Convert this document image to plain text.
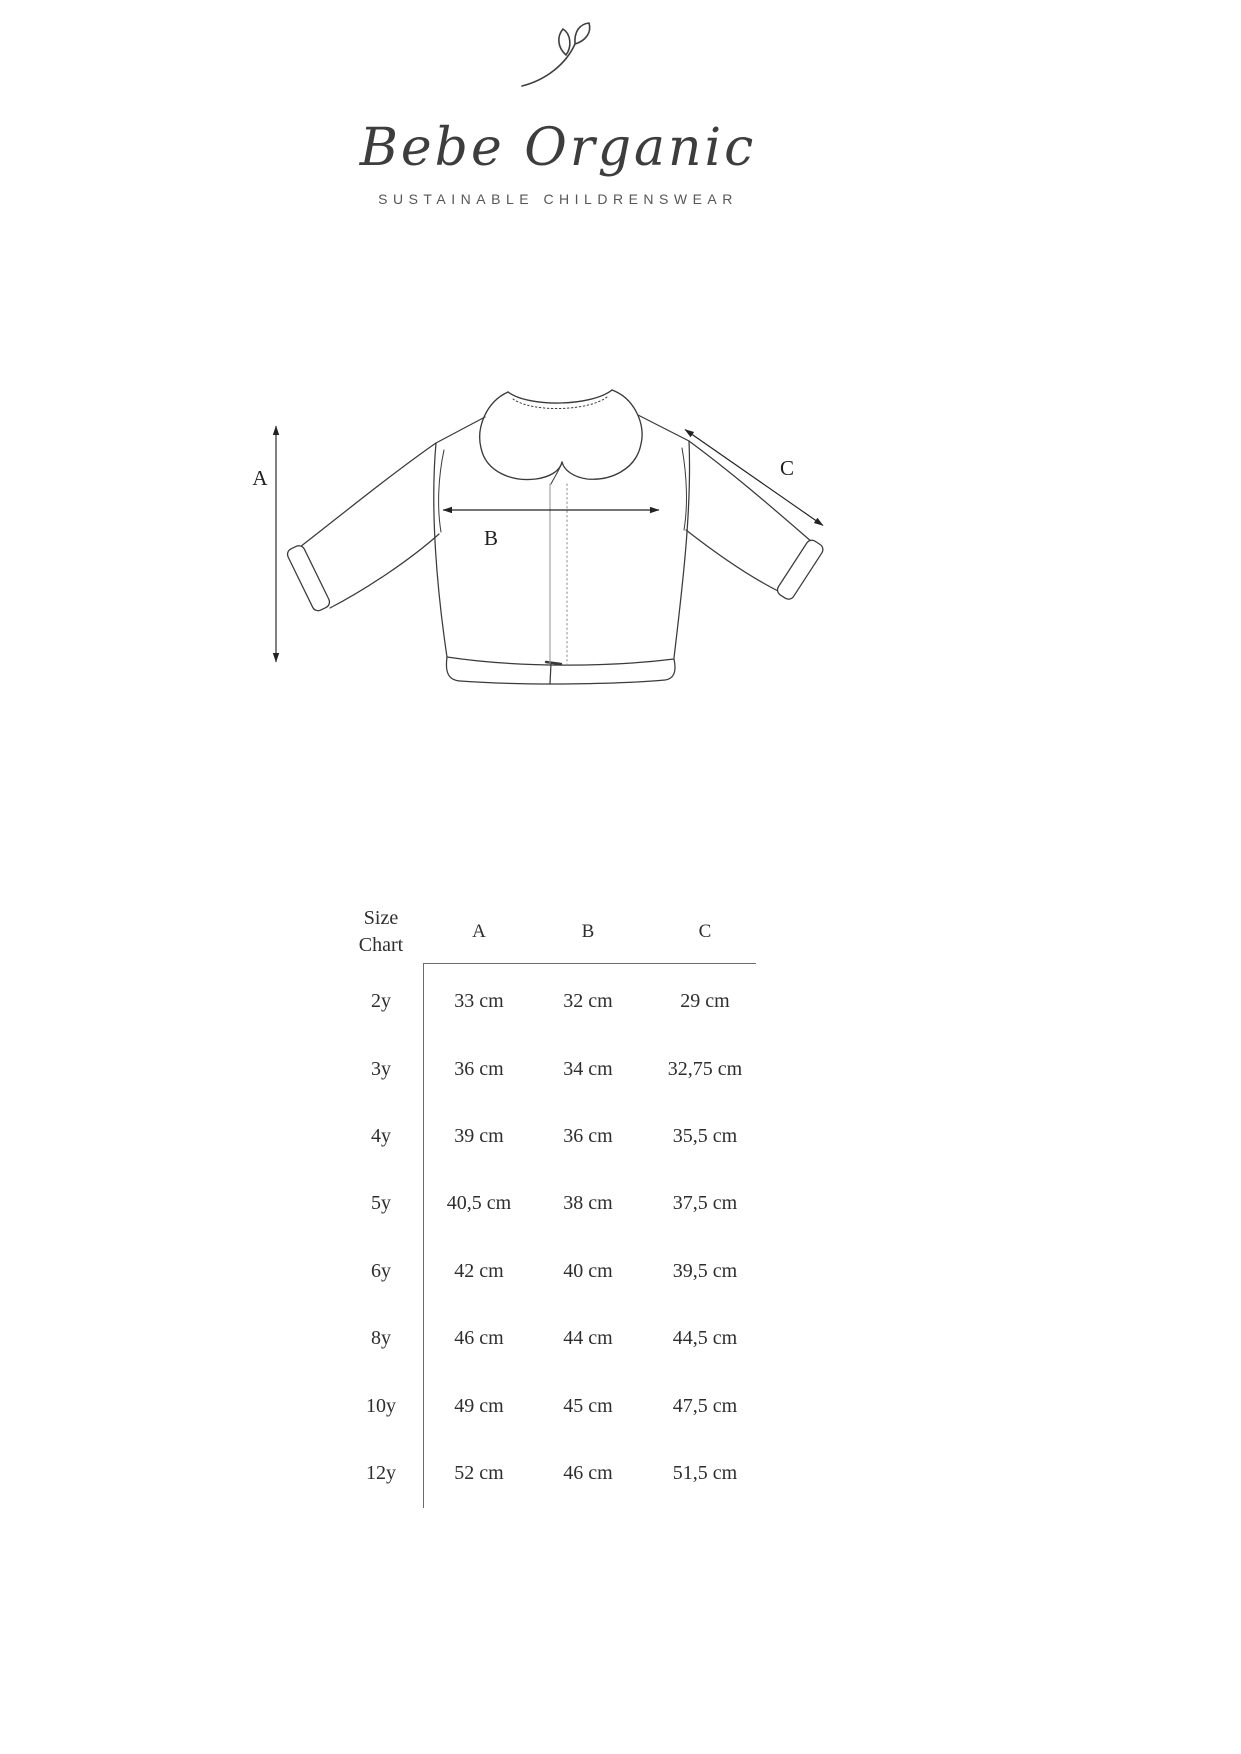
Bebe Organic
SUSTAINABLE CHILDRENSWEAR
A
B
C
Size
Chart
A	B	C
2y	33 cm	32 cm	29 cm
3y	36 cm	34 cm	32,75 cm
4y	39 cm	36 cm	35,5 cm
5y	40,5 cm	38 cm	37,5 cm
6y	42 cm	40 cm	39,5 cm
8y	46 cm	44 cm	44,5 cm
10y	49 cm	45 cm	47,5 cm
12y	52 cm	46 cm	51,5 cm
